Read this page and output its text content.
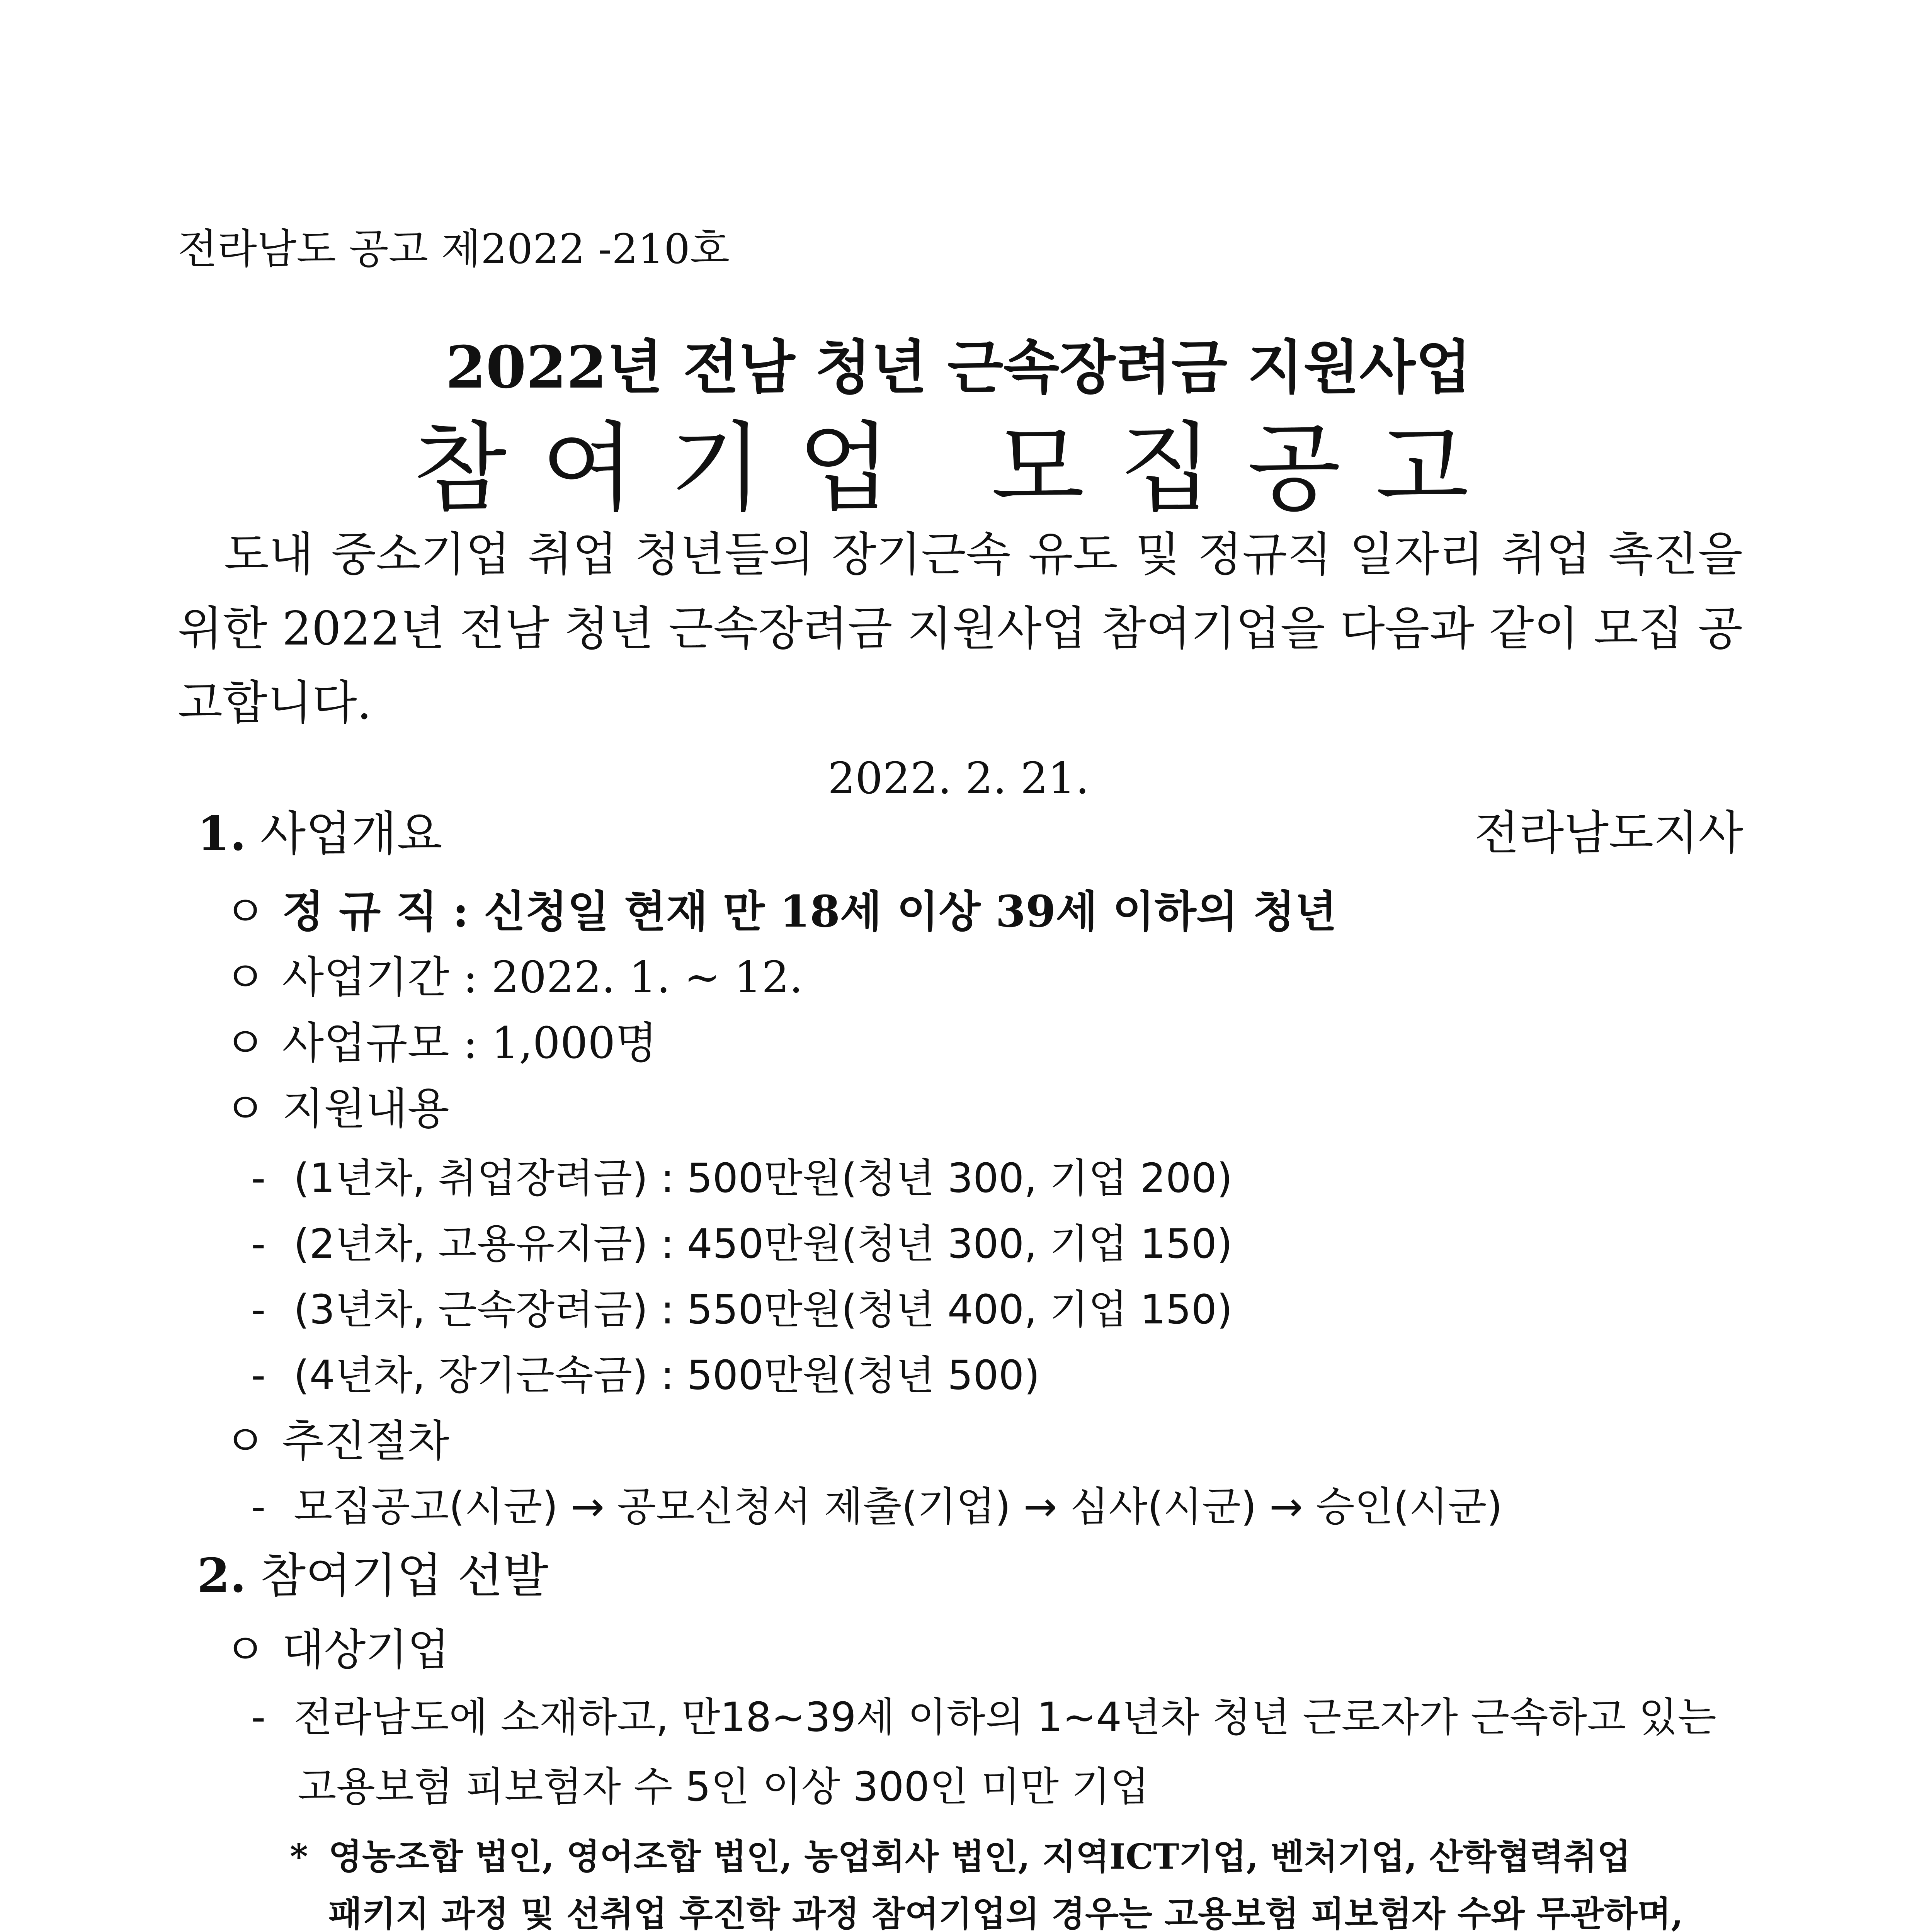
전라남도 공고 제2022 -210호
2022년 전남 청년 근속장려금 지원사업
참여기업 모집공고
도내 중소기업 취업 청년들의 장기근속 유도 및 정규직 일자리 취업 촉진을 위한 2022년 전남 청년 근속장려금 지원사업 참여기업을 다음과 같이 모집 공고합니다.
2022. 2. 21.
전라남도지사
1. 사업개요
ㅇ 정 규 직 : 신청일 현재 만 18세 이상 39세 이하의 청년
ㅇ 사업기간 : 2022. 1. ~ 12.
ㅇ 사업규모 : 1,000명
ㅇ 지원내용
- (1년차, 취업장려금) : 500만원(청년 300, 기업 200)
- (2년차, 고용유지금) : 450만원(청년 300, 기업 150)
- (3년차, 근속장려금) : 550만원(청년 400, 기업 150)
- (4년차, 장기근속금) : 500만원(청년 500)
ㅇ 추진절차
- 모집공고(시군) → 공모신청서 제출(기업) → 심사(시군) → 승인(시군)
2. 참여기업 선발
ㅇ 대상기업
- 전라남도에 소재하고, 만18~39세 이하의 1~4년차 청년 근로자가 근속하고 있는
고용보험 피보험자 수 5인 이상 300인 미만 기업
* 영농조합 법인, 영어조합 법인, 농업회사 법인, 지역ICT기업, 벤처기업, 산학협력취업
패키지 과정 및 선취업 후진학 과정 참여기업의 경우는 고용보험 피보험자 수와 무관하며,
